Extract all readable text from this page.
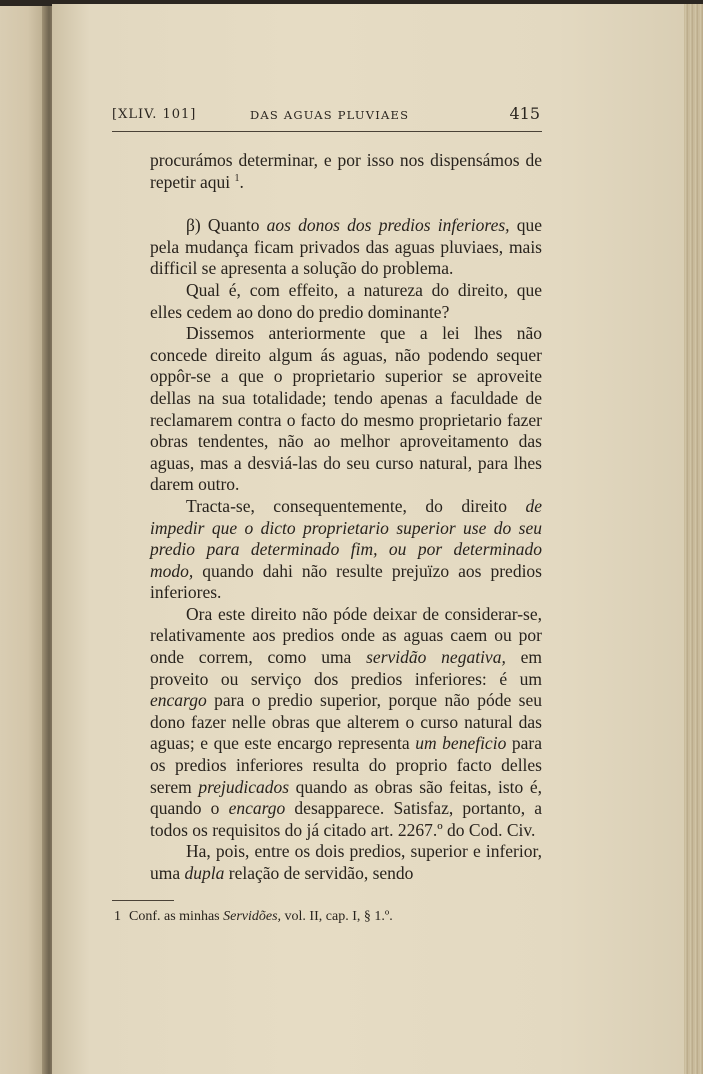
[XLIV. 101]	DAS AGUAS PLUVIAES	415

procurámos determinar, e por isso nos dispensámos de repetir aqui $^1$.

β) Quanto aos donos dos predios inferiores, que pela mudança ficam privados das aguas pluviaes, mais difficil se apresenta a solução do problema.

Qual é, com effeito, a natureza do direito, que elles cedem ao dono do predio dominante?

Dissemos anteriormente que a lei lhes não concede direito algum ás aguas, não podendo sequer oppôr-se a que o proprietario superior se aproveite dellas na sua totalidade; tendo apenas a faculdade de reclamarem contra o facto do mesmo proprietario fazer obras tendentes, não ao melhor aproveitamento das aguas, mas a desviá-las do seu curso natural, para lhes darem outro.

Tracta-se, consequentemente, do direito de impedir que o dicto proprietario superior use do seu predio para determinado fim, ou por determinado modo, quando dahi não resulte prejuïzo aos predios inferiores.

Ora este direito não póde deixar de considerar-se, relativamente aos predios onde as aguas caem ou por onde correm, como uma servidão negativa, em proveito ou serviço dos predios inferiores: é um encargo para o predio superior, porque não póde seu dono fazer nelle obras que alterem o curso natural das aguas; e que este encargo representa um beneficio para os predios inferiores resulta do proprio facto delles serem prejudicados quando as obras são feitas, isto é, quando o encargo desapparece. Satisfaz, portanto, a todos os requisitos do já citado art. 2267.º do Cod. Civ.

Ha, pois, entre os dois predios, superior e inferior, uma dupla relação de servidão, sendo

1 Conf. as minhas Servidões, vol. II, cap. I, § 1.º.
